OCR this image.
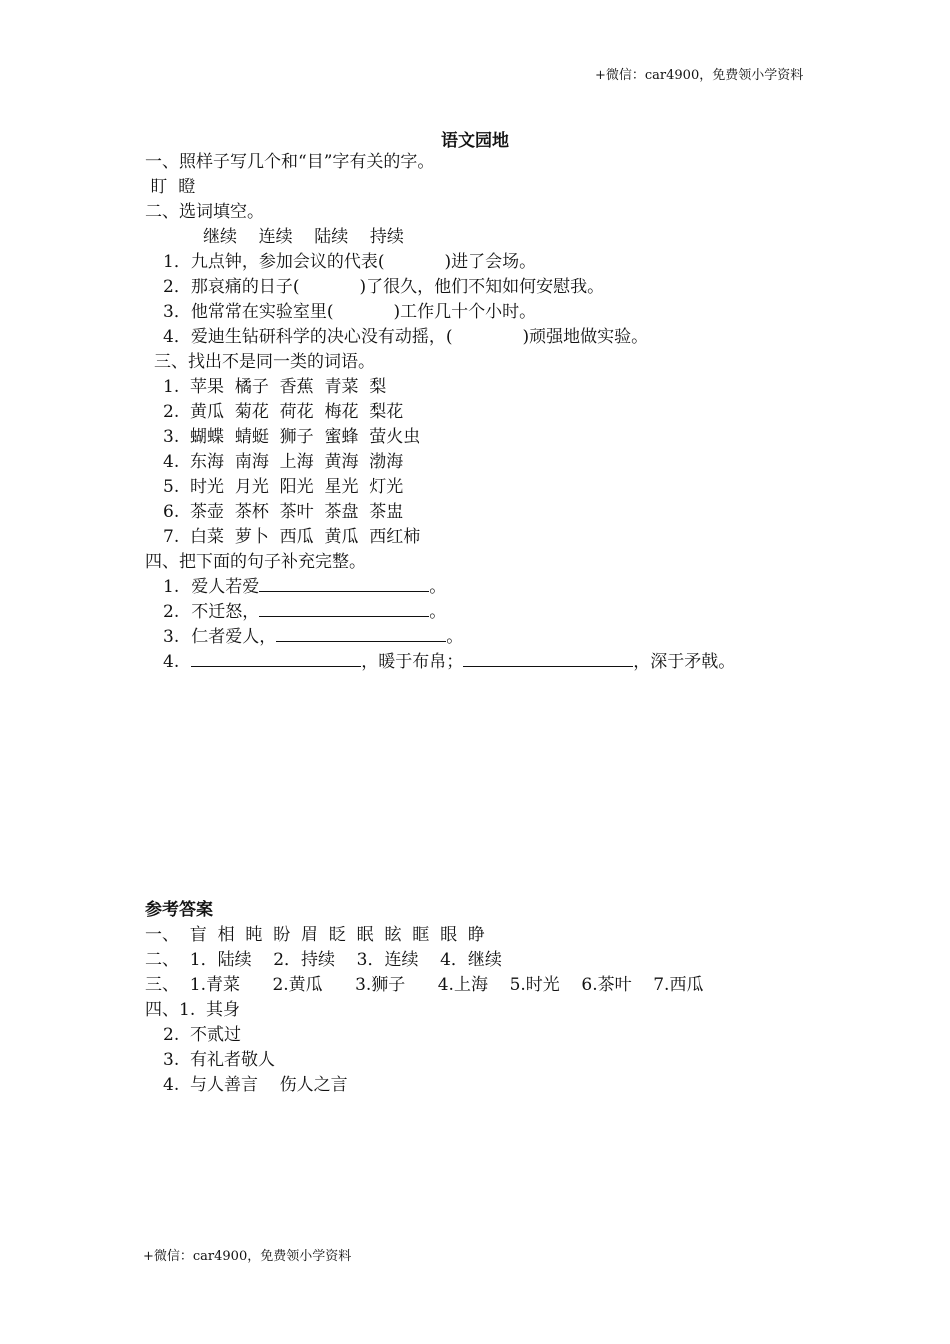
+微信：car4900，免费领小学资料
语文园地
一、照样子写几个和“目”字有关的字。
盯  瞪
二、选词填空。
继续    连续    陆续    持续
1．九点钟，参加会议的代表(	)进了会场。
2．那哀痛的日子(	)了很久，他们不知如何安慰我。
3．他常常在实验室里(	)工作几十个小时。
4．爱迪生钻研科学的决心没有动摇，(	)顽强地做实验。
三、找出不是同一类的词语。
1.  苹果  橘子  香蕉  青菜  梨
2.  黄瓜  菊花  荷花  梅花  梨花
3.  蝴蝶  蜻蜓  狮子  蜜蜂  萤火虫
4.  东海  南海  上海  黄海  渤海
5.  时光  月光  阳光  星光  灯光
6.  茶壶  茶杯  茶叶  茶盘  茶盅
7.  白菜  萝卜  西瓜  黄瓜  西红柿
四、把下面的句子补充完整。
1. 爱人若爱	。
2. 不迁怒，	。
3. 仁者爱人，	。
4.	，暖于布帛；	，深于矛戟。
参考答案
一、  盲  相  盹  盼  眉  眨  眠  眩  眶  眼  睁
二、  1．陆续    2．持续    3．连续    4．继续
三、  1.青菜      2.黄瓜      3.狮子      4.上海    5.时光    6.茶叶    7.西瓜
四、1.  其身
2.  不贰过
3.  有礼者敬人
4.  与人善言    伤人之言
+微信：car4900，免费领小学资料
